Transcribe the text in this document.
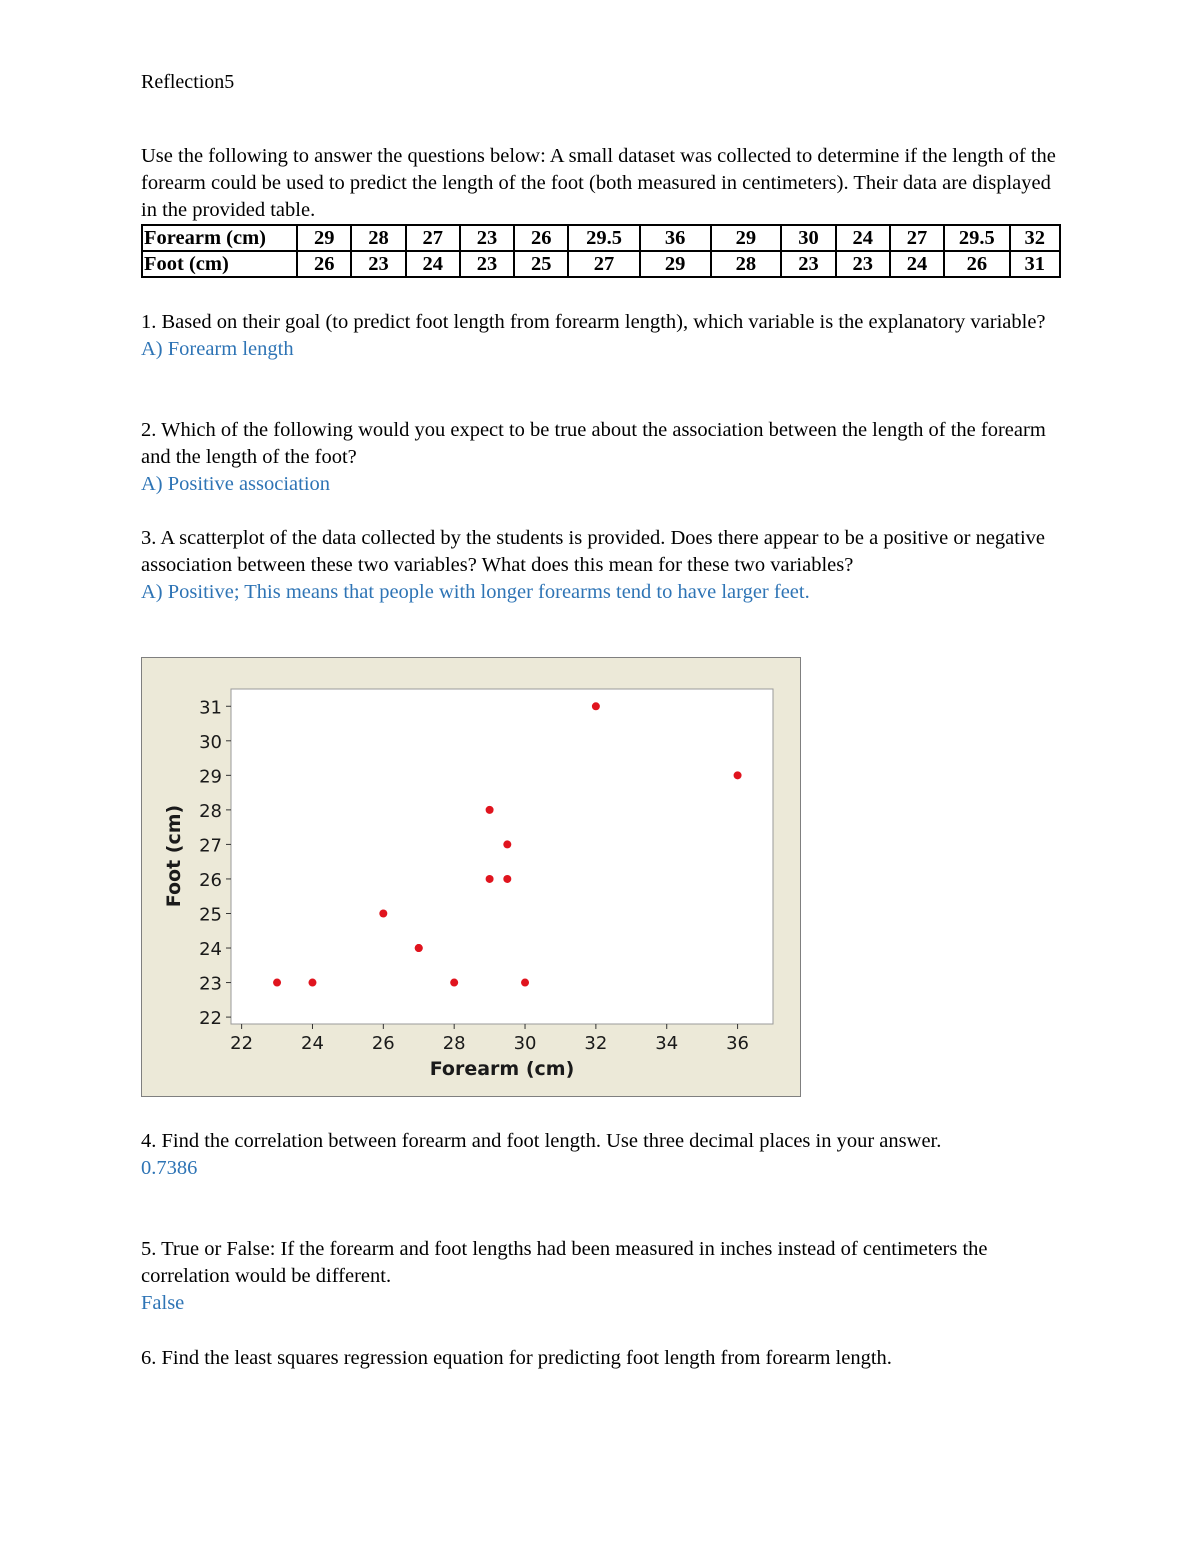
Reflection5
Use the following to answer the questions below: A small dataset was collected to determine if the length of the forearm could be used to predict the length of the foot (both measured in centimeters). Their data are displayed in the provided table.
Forearm (cm)	29	28	27	23	26	29.5	36	29	30	24	27	29.5	32
Foot (cm)	26	23	24	23	25	27	29	28	23	23	24	26	31
1. Based on their goal (to predict foot length from forearm length), which variable is the explanatory variable?
A) Forearm length
2. Which of the following would you expect to be true about the association between the length of the forearm and the length of the foot?
A) Positive association
3. A scatterplot of the data collected by the students is provided. Does there appear to be a positive or negative association between these two variables? What does this mean for these two variables?
A) Positive; This means that people with longer forearms tend to have larger feet.
4. Find the correlation between forearm and foot length. Use three decimal places in your answer.
0.7386
5. True or False: If the forearm and foot lengths had been measured in inches instead of centimeters the correlation would be different.
False
6. Find the least squares regression equation for predicting foot length from forearm length.
22
23
24
25
26
27
28
29
30
31
22	24	26	28	30	32	34	36
Forearm (cm)
Foot (cm)
